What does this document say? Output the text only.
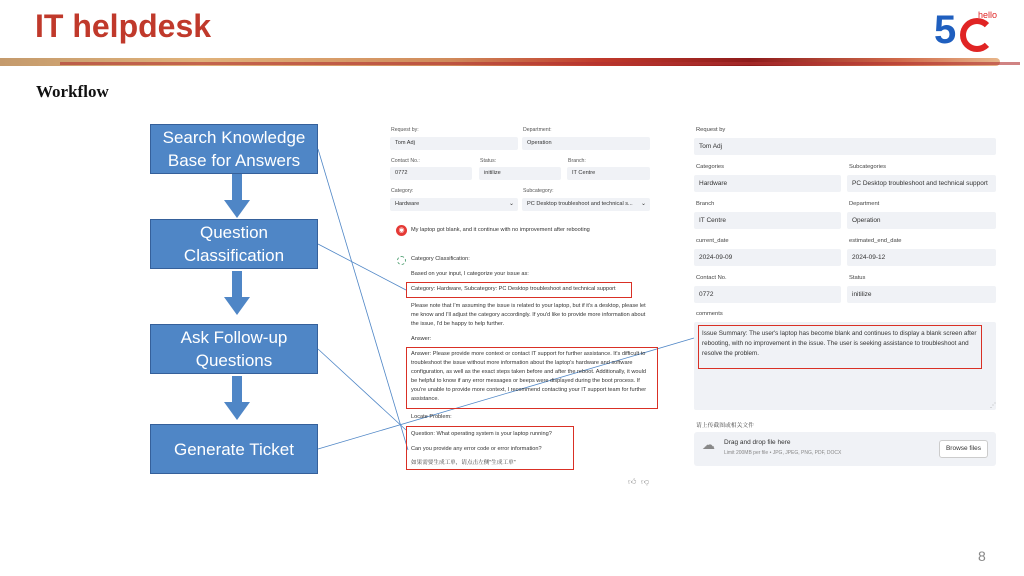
IT helpdesk	5 hello
Workflow
Search Knowledge Base for Answers
Question Classification
Ask Follow-up Questions
Generate Ticket
Request by:
Tom Adj
Department:
Operation
Contact No.:
0772
Status:
initilize
Branch:
IT Centre
Category:
Hardware	⌄
Subcategory:
PC Desktop troubleshoot and technical s... ⌄
◉	My laptop got blank, and it continue with no improvement after rebooting
Category Classification:
Based on your input, I categorize your issue as:
Category: Hardware, Subcategory: PC Desktop troubleshoot and technical support
Please note that I'm assuming the issue is related to your laptop, but if it's a desktop, please let
me know and I'll adjust the category accordingly. If you'd like to provide more information about
the issue, I'd be happy to help further.
Answer:
Answer: Please provide more context or contact IT support for further assistance. It's difficult to
troubleshoot the issue without more information about the laptop's hardware and software
configuration, as well as the exact steps taken before and after the reboot. Additionally, it would
be helpful to know if any error messages or beeps were displayed during the boot process. If
you're unable to provide more context, I recommend contacting your IT support team for further
assistance.
Locate Problem:
Question: What operating system is your laptop running?
Can you provide any error code or error information?
如果需要生成工单，请点击左侧"生成工单"
👍︎ 👎︎
Request by
Tom Adj
Categories
Hardware
Subcategories
PC Desktop troubleshoot and technical support
Branch
IT Centre
Department
Operation
current_date
2024-09-09
estimated_end_date
2024-09-12
Contact No.
0772
Status
initilize
comments
Issue Summary: The user's laptop has become blank and continues to display a blank screen after
rebooting, with no improvement in the issue. The user is seeking assistance to troubleshoot and
resolve the problem.
⋰
请上传截图或相关文件
☁ Drag and drop file here
Limit 200MB per file • JPG, JPEG, PNG, PDF, DOCX
Browse files
8
